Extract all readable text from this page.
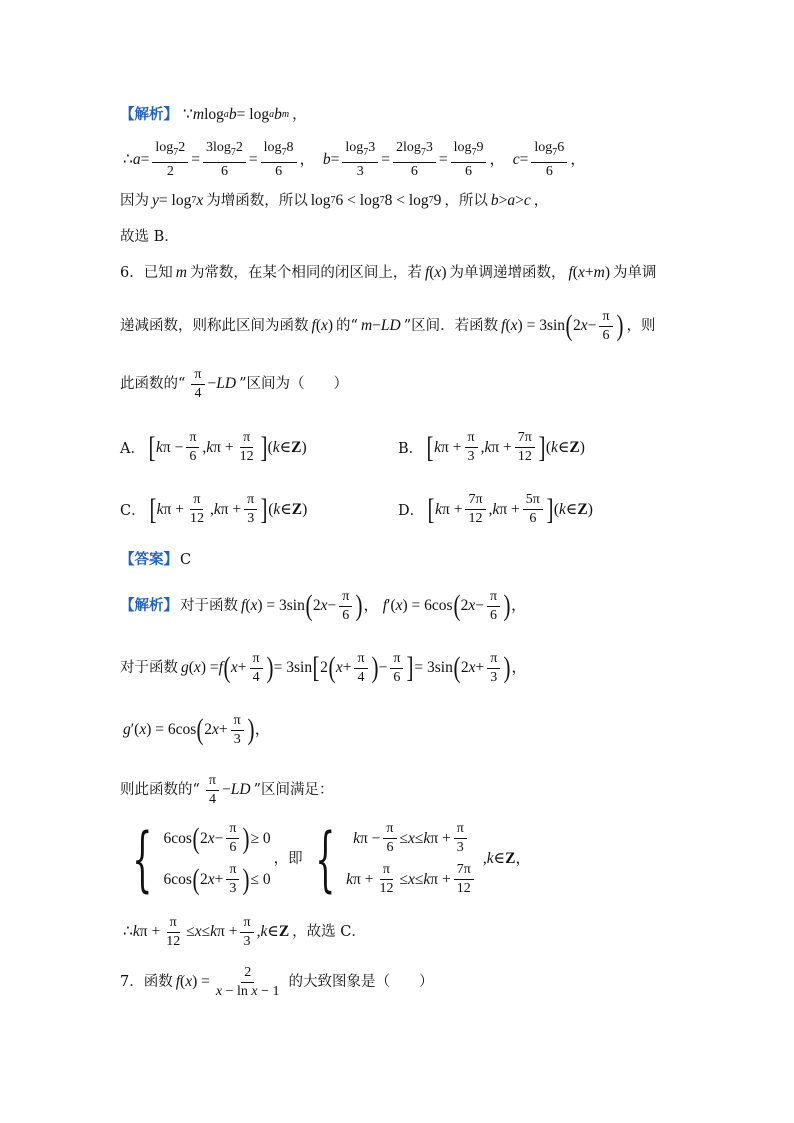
【解析】 ∵ m log a b = log a b m ，
∴ $a = \frac{\log_72}{2} = \frac{3\log_72}{6} = \frac{\log_78}{6}$ ， $b = \frac{\log_73}{3} = \frac{2\log_73}{6} = \frac{\log_79}{6}$ ， $c = \frac{\log_76}{6}$ ，
因为 y = log 7 x 为增函数，所以 log 7 6 < log 7 8 < log 7 9 ， 所以 b > a > c ，
故选 B．
6． 已知 m 为常数，在某个相同的闭区间上，若 f ( x ) 为单调递增函数， f ( x + m ) 为单调
递减函数，则称此区间为函数 f ( x ) 的“ m − LD ”区间．若函数 f ( x ) = 3sin ( 2 $x - \frac{\pi}{6}$ ) ，则
此函数的“ $\frac{\pi}{4}$ − LD ”区间为（　　）
A． [ k $\pi - \frac{\pi}{6}$ , k $\pi + \frac{\pi}{12}$ ] ( k ∈ Z )	B． [ k $\pi + \frac{\pi}{3}$ , k $\pi + \frac{7\pi}{12}$ ] ( k ∈ Z )
C． [ k $\pi + \frac{\pi}{12}$ , k $\pi + \frac{\pi}{3}$ ] ( k ∈ Z )	D． [ k $\pi + \frac{7\pi}{12}$ , k $\pi + \frac{5\pi}{6}$ ] ( k ∈ Z )
【答案】 C
【解析】 对于函数 f ( x ) = 3sin ( 2 $x - \frac{\pi}{6}$ ) ， f ′( x ) = 6cos ( 2 $x - \frac{\pi}{6}$ ) ，
对于函数 g ( x ) = f ( $x + \frac{\pi}{4}$ ) = 3sin [ 2 ( $x + \frac{\pi}{4}$ ) − $\frac{\pi}{6}$ ] = 3sin ( 2 $x + \frac{\pi}{3}$ ) ，
g ′( x ) = 6cos ( 2 $x + \frac{\pi}{3}$ ) ，
则此函数的“ $\frac{\pi}{4}$ − LD ”区间满足：
{ 6cos ( 2 $x - \frac{\pi}{6}$ ) ≥ 0
6cos ( 2 $x + \frac{\pi}{3}$ ) ≤ 0
，即 { k $\pi - \frac{\pi}{6} \le x \le k$ $\pi + \frac{\pi}{3}$
k $\pi + \frac{\pi}{12} \le x \le k$ $\pi + \frac{7\pi}{12}$
, k ∈ Z ，
∴ k $\pi + \frac{\pi}{12} \le x \le k$ $\pi + \frac{\pi}{3}$ , k ∈ Z ，故选 C．
7． 函数 f ( x ) = $\frac{2}{\text{x − ln x − 1}}$ 的大致图象是（　　）
